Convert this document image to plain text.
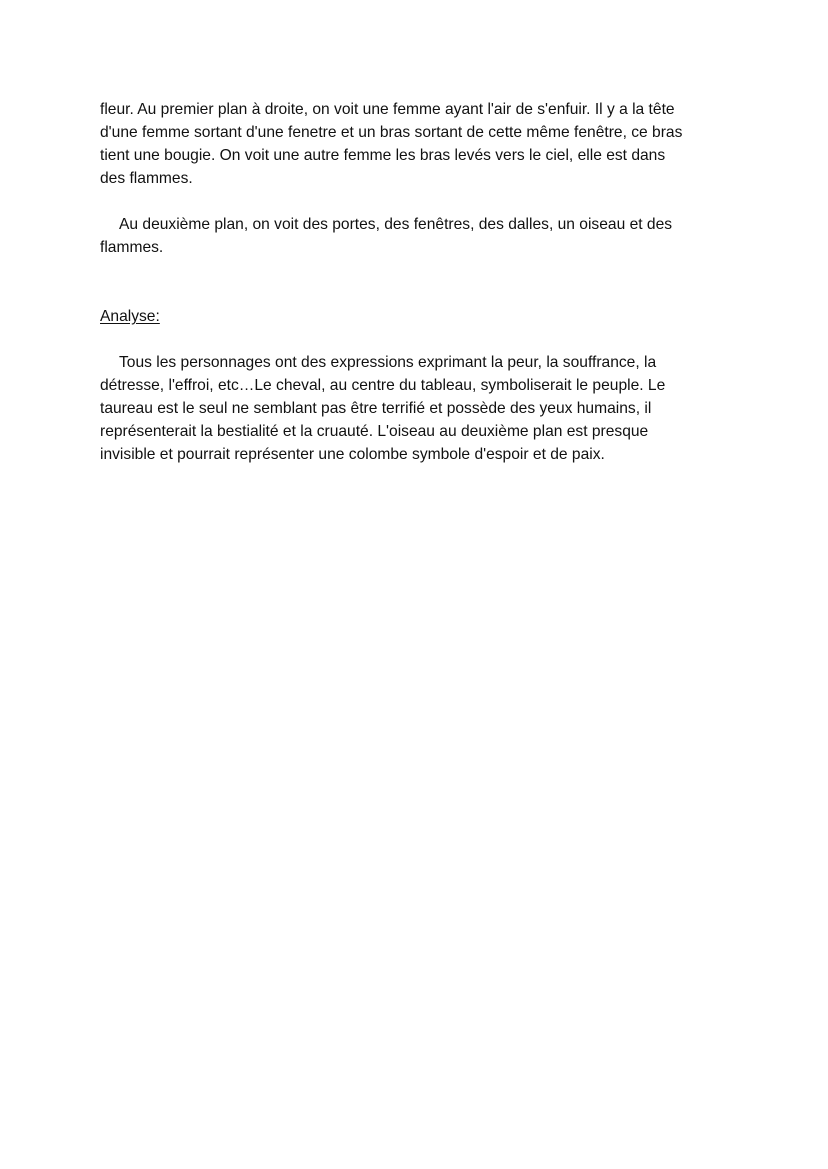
fleur. Au premier plan à droite, on voit une femme ayant l'air de s'enfuir. Il y a la tête
d'une femme sortant d'une fenetre et un bras sortant de cette même fenêtre, ce bras
tient une bougie. On voit une autre femme les bras levés vers le ciel, elle est dans
des flammes.
Au deuxième plan, on voit des portes, des fenêtres, des dalles, un oiseau et des
flammes.

Analyse:

Tous les personnages ont des expressions exprimant la peur, la souffrance, la
détresse, l'effroi, etc…Le cheval, au centre du tableau, symboliserait le peuple. Le
taureau est le seul ne semblant pas être terrifié et possède des yeux humains, il
représenterait la bestialité et la cruauté. L'oiseau au deuxième plan est presque
invisible et pourrait représenter une colombe symbole d'espoir et de paix.
